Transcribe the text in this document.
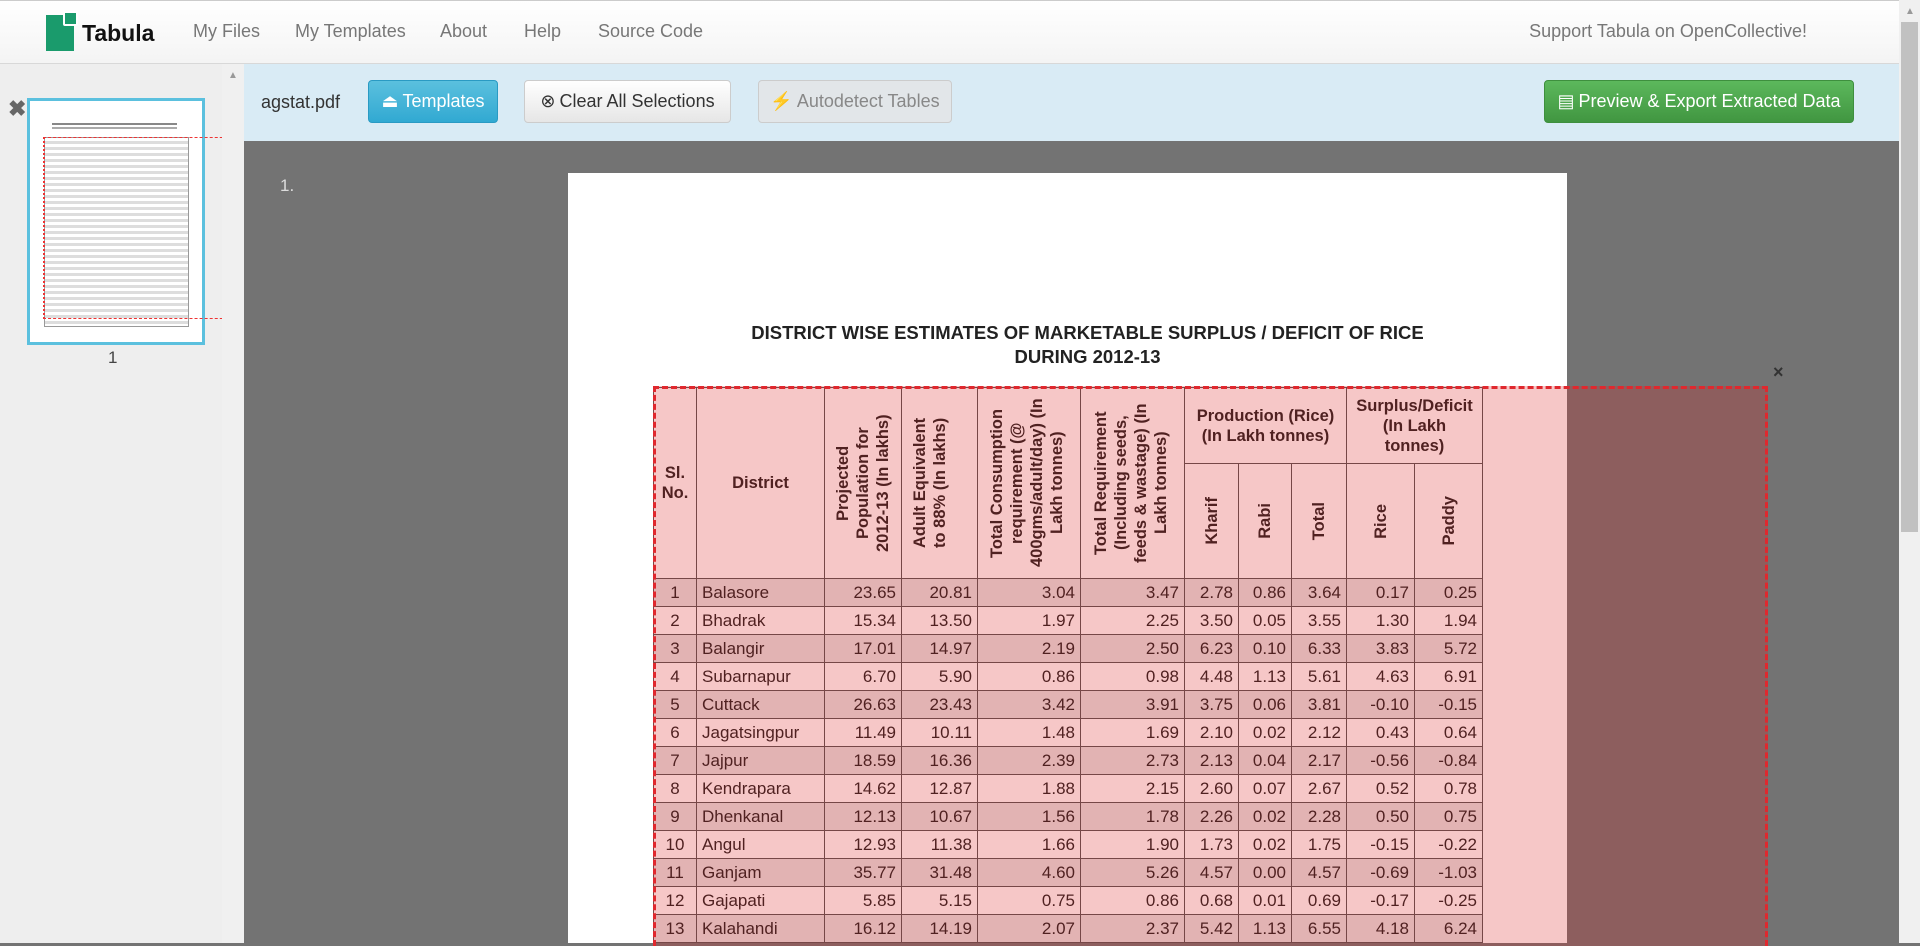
Tabula My Files My Templates About Help Source Code	Support Tabula on OpenCollective!
✖
1
▲
agstat.pdf ⏏ Templates	⊗ Clear All Selections	⚡ Autodetect Tables	▤ Preview & Export Extracted Data
1.
DISTRICT WISE ESTIMATES OF MARKETABLE SURPLUS / DEFICIT OF RICE
DURING 2012-13
Sl. No.	District	Projected Population for 2012-13 (In lakhs)	Adult Equivalent to 88% (In lakhs)	Total Consumption requirement (@ 400gms/adult/day) (In Lakh tonnes)	Total Requirement (Including seeds, feeds & wastage) (In Lakh tonnes)	Production (Rice) (In Lakh tonnes)			Surplus/Deficit (In Lakh tonnes)	

						Kharif	Rabi	Total	Rice	Paddy

1	Balasore	23.65	20.81	3.04	3.47	2.78	0.86	3.64	0.17	0.25
2	Bhadrak	15.34	13.50	1.97	2.25	3.50	0.05	3.55	1.30	1.94
3	Balangir	17.01	14.97	2.19	2.50	6.23	0.10	6.33	3.83	5.72
4	Subarnapur	6.70	5.90	0.86	0.98	4.48	1.13	5.61	4.63	6.91
5	Cuttack	26.63	23.43	3.42	3.91	3.75	0.06	3.81	-0.10	-0.15
6	Jagatsingpur	11.49	10.11	1.48	1.69	2.10	0.02	2.12	0.43	0.64
7	Jajpur	18.59	16.36	2.39	2.73	2.13	0.04	2.17	-0.56	-0.84
8	Kendrapara	14.62	12.87	1.88	2.15	2.60	0.07	2.67	0.52	0.78
9	Dhenkanal	12.13	10.67	1.56	1.78	2.26	0.02	2.28	0.50	0.75
10	Angul	12.93	11.38	1.66	1.90	1.73	0.02	1.75	-0.15	-0.22
11	Ganjam	35.77	31.48	4.60	5.26	4.57	0.00	4.57	-0.69	-1.03
12	Gajapati	5.85	5.15	0.75	0.86	0.68	0.01	0.69	-0.17	-0.25
13	Kalahandi	16.12	14.19	2.07	2.37	5.42	1.13	6.55	4.18	6.24
×
▲
